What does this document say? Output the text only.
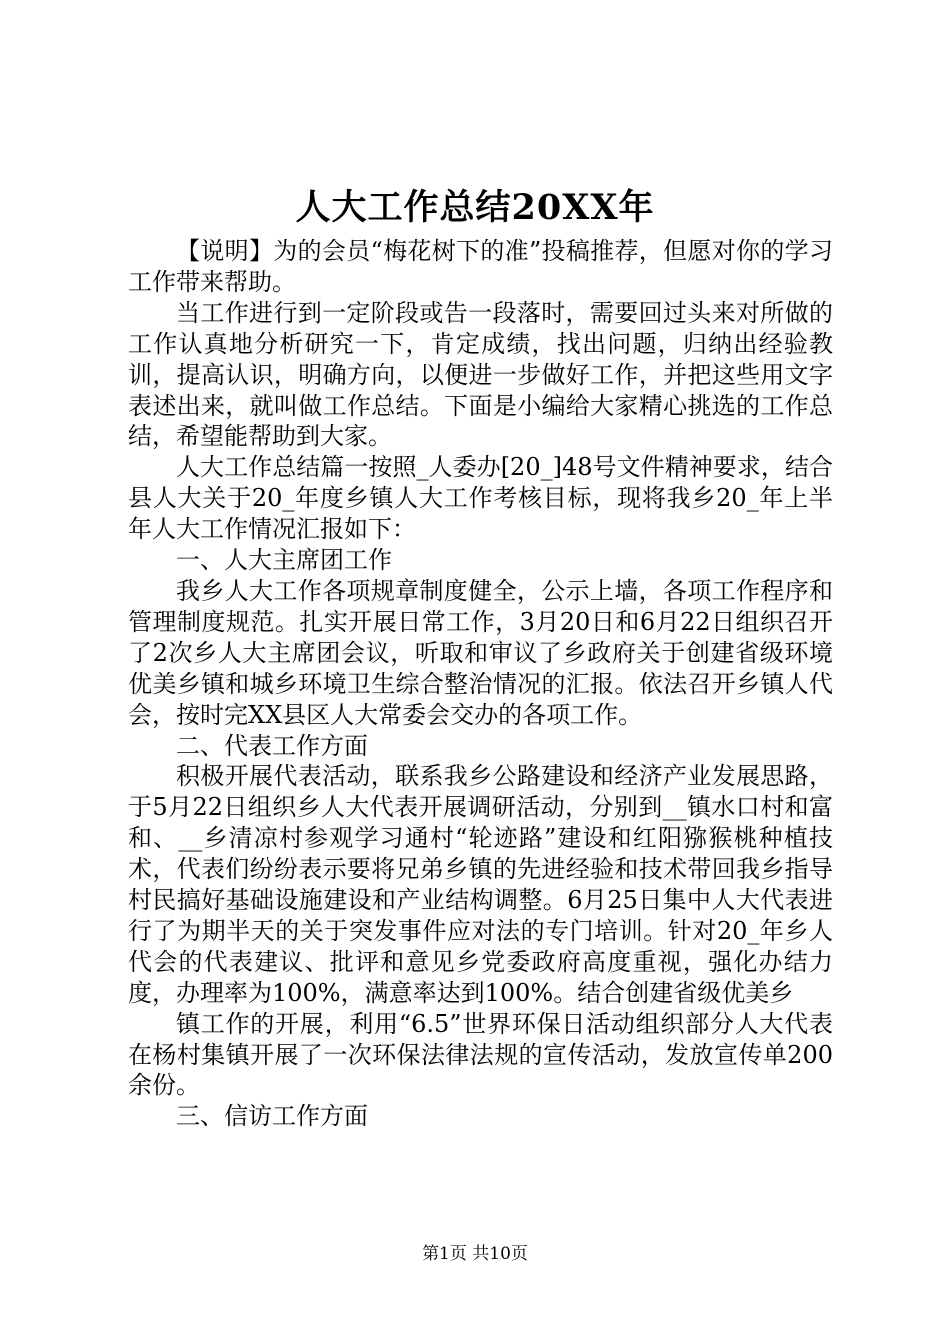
人大工作总结20XX年

【说明】为的会员“梅花树下的准”投稿推荐，但愿对你的学习工作带来帮助。

当工作进行到一定阶段或告一段落时，需要回过头来对所做的工作认真地分析研究一下，肯定成绩，找出问题，归纳出经验教训，提高认识，明确方向，以便进一步做好工作，并把这些用文字表述出来，就叫做工作总结。下面是小编给大家精心挑选的工作总结，希望能帮助到大家。

人大工作总结篇一按照_人委办[20_]48号文件精神要求，结合县人大关于20_年度乡镇人大工作考核目标，现将我乡20_年上半年人大工作情况汇报如下：

一、人大主席团工作

我乡人大工作各项规章制度健全，公示上墙，各项工作程序和管理制度规范。扎实开展日常工作，3月20日和6月22日组织召开了2次乡人大主席团会议，听取和审议了乡政府关于创建省级环境优美乡镇和城乡环境卫生综合整治情况的汇报。依法召开乡镇人代会，按时完XX县区人大常委会交办的各项工作。

二、代表工作方面

积极开展代表活动，联系我乡公路建设和经济产业发展思路，于5月22日组织乡人大代表开展调研活动，分别到__镇水口村和富和、__乡清凉村参观学习通村“轮迹路”建设和红阳猕猴桃种植技术，代表们纷纷表示要将兄弟乡镇的先进经验和技术带回我乡指导村民搞好基础设施建设和产业结构调整。6月25日集中人大代表进行了为期半天的关于突发事件应对法的专门培训。针对20_年乡人代会的代表建议、批评和意见乡党委政府高度重视，强化办结力度，办理率为100%，满意率达到100%。结合创建省级优美乡

镇工作的开展，利用“6.5”世界环保日活动组织部分人大代表在杨村集镇开展了一次环保法律法规的宣传活动，发放宣传单200余份。

三、信访工作方面

第1页 共10页
